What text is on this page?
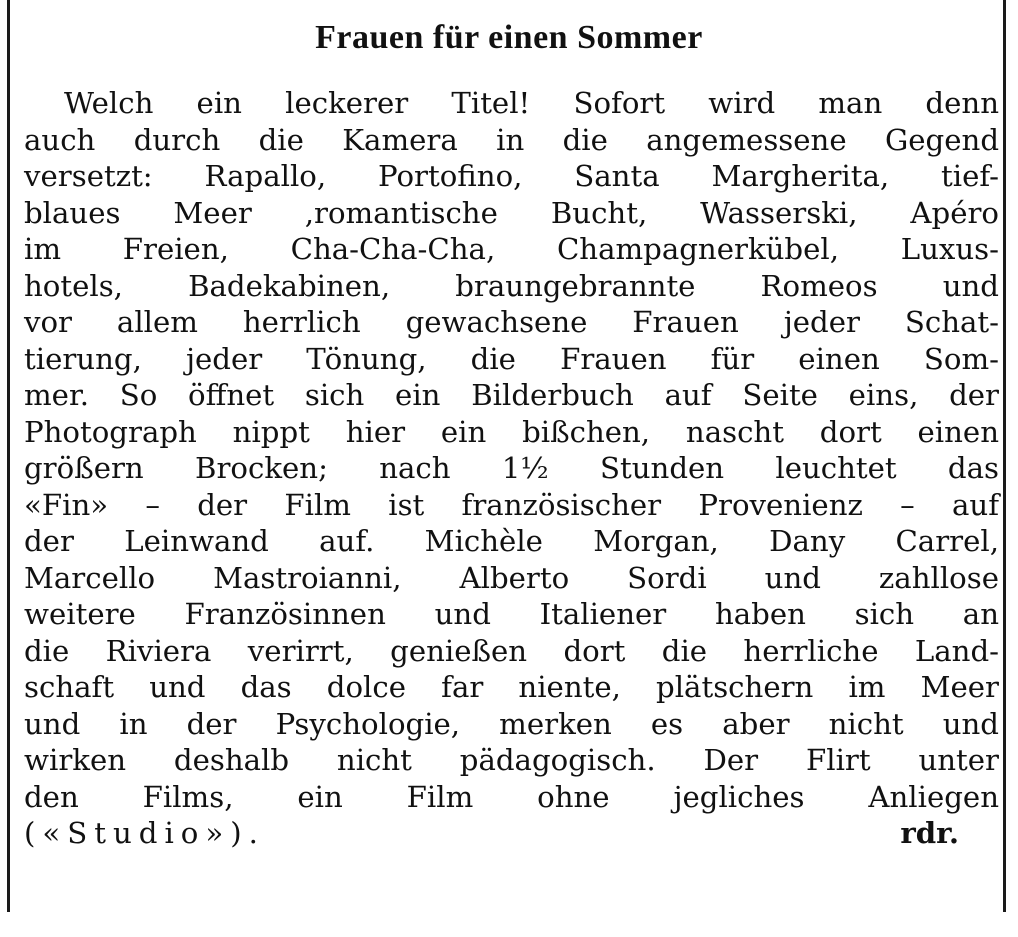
Frauen für einen Sommer
Welch ein leckerer Titel! Sofort wird man denn
auch durch die Kamera in die angemessene Gegend
versetzt: Rapallo, Portofino, Santa Margherita, tief-
blaues Meer ,romantische Bucht, Wasserski, Apéro
im Freien, Cha-Cha-Cha, Champagnerkübel, Luxus-
hotels, Badekabinen, braungebrannte Romeos und
vor allem herrlich gewachsene Frauen jeder Schat-
tierung, jeder Tönung, die Frauen für einen Som-
mer. So öffnet sich ein Bilderbuch auf Seite eins, der
Photograph nippt hier ein bißchen, nascht dort einen
größern Brocken; nach 1½ Stunden leuchtet das
«Fin» – der Film ist französischer Provenienz – auf
der Leinwand auf. Michèle Morgan, Dany Carrel,
Marcello Mastroianni, Alberto Sordi und zahllose
weitere Französinnen und Italiener haben sich an
die Riviera verirrt, genießen dort die herrliche Land-
schaft und das dolce far niente, plätschern im Meer
und in der Psychologie, merken es aber nicht und
wirken deshalb nicht pädagogisch. Der Flirt unter
den Films, ein Film ohne jegliches Anliegen
(«Studio»).	rdr.
